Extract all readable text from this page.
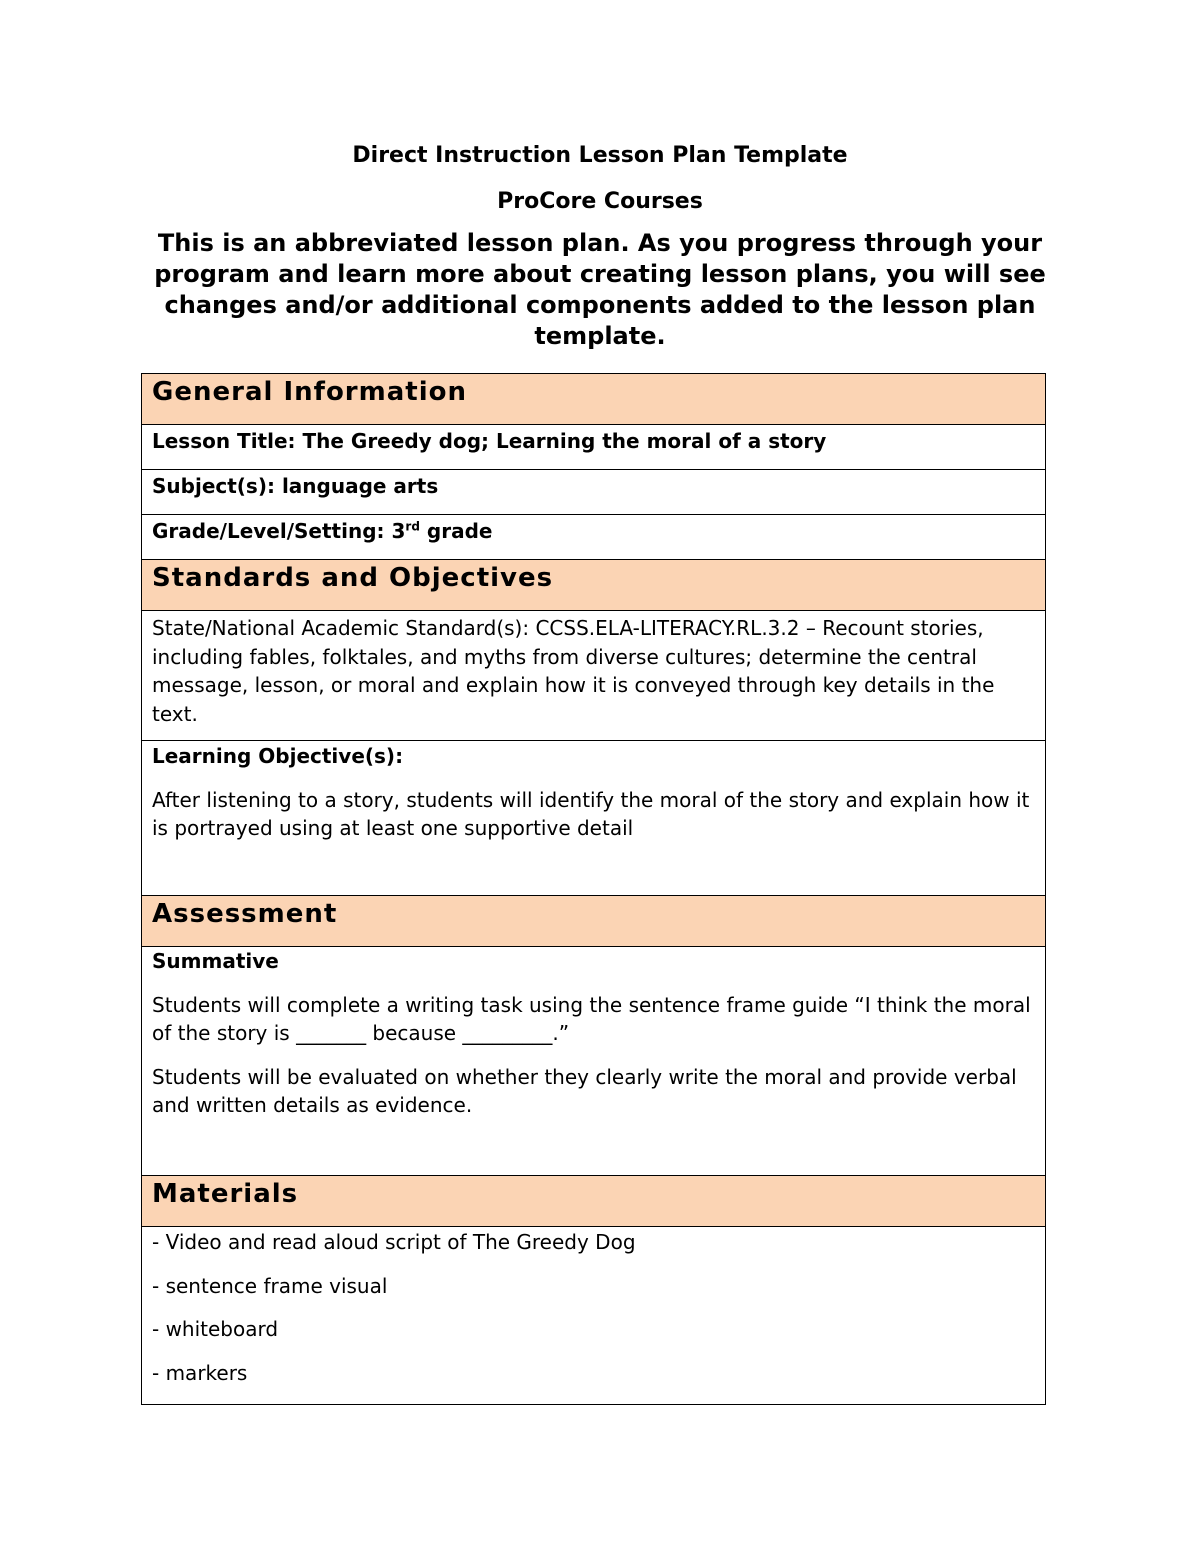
Direct Instruction Lesson Plan Template

ProCore Courses

This is an abbreviated lesson plan. As you progress through your program and learn more about creating lesson plans, you will see changes and/or additional components added to the lesson plan template.

General Information
Lesson Title: The Greedy dog; Learning the moral of a story
Subject(s): language arts
Grade/Level/Setting: 3rd grade
Standards and Objectives

State/National Academic Standard(s): CCSS.ELA-LITERACY.RL.3.2 – Recount stories, including fables, folktales, and myths from diverse cultures; determine the central message, lesson, or moral and explain how it is conveyed through key details in the text.

Learning Objective(s):

After listening to a story, students will identify the moral of the story and explain how it is portrayed using at least one supportive detail

Assessment

Summative

Students will complete a writing task using the sentence frame guide “I think the moral of the story is _______ because _________.”

Students will be evaluated on whether they clearly write the moral and provide verbal and written details as evidence.

Materials

- Video and read aloud script of The Greedy Dog

- sentence frame visual

- whiteboard

- markers
